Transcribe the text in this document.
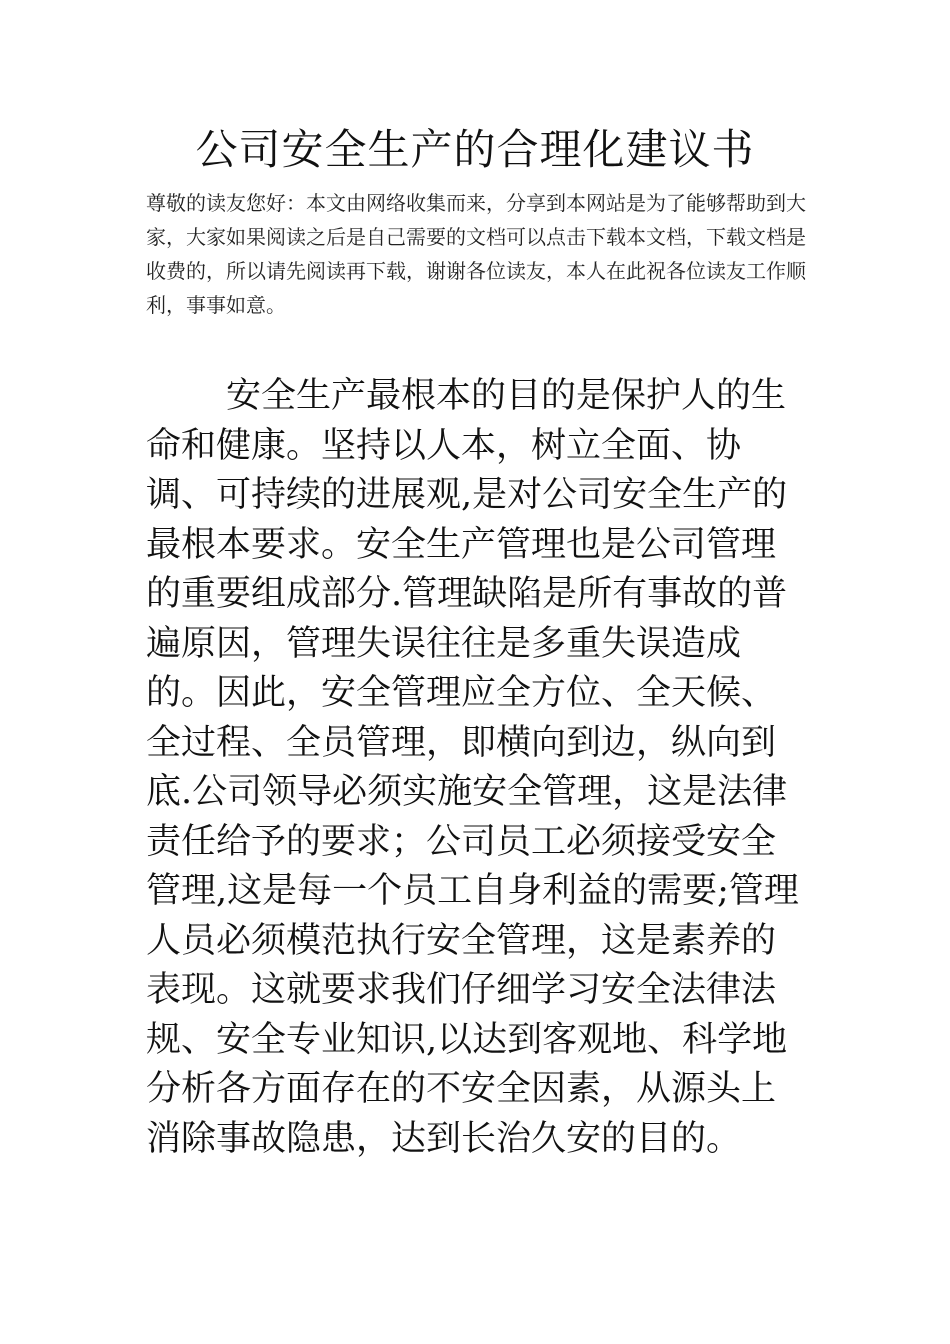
公司安全生产的合理化建议书
尊敬的读友您好：本文由网络收集而来，分享到本网站是为了能够帮助到大家，大家如果阅读之后是自己需要的文档可以点击下载本文档，下载文档是收费的，所以请先阅读再下载，谢谢各位读友，本人在此祝各位读友工作顺利，事事如意。
安全生产最根本的目的是保护人的生命和健康。坚持以人本，树立全面、协调、可持续的进展观,是对公司安全生产的最根本要求。安全生产管理也是公司管理的重要组成部分.管理缺陷是所有事故的普遍原因，管理失误往往是多重失误造成的。因此，安全管理应全方位、全天候、全过程、全员管理，即横向到边，纵向到底.公司领导必须实施安全管理，这是法律责任给予的要求；公司员工必须接受安全管理,这是每一个员工自身利益的需要;管理人员必须模范执行安全管理，这是素养的表现。这就要求我们仔细学习安全法律法规、安全专业知识,以达到客观地、科学地分析各方面存在的不安全因素，从源头上消除事故隐患，达到长治久安的目的。
